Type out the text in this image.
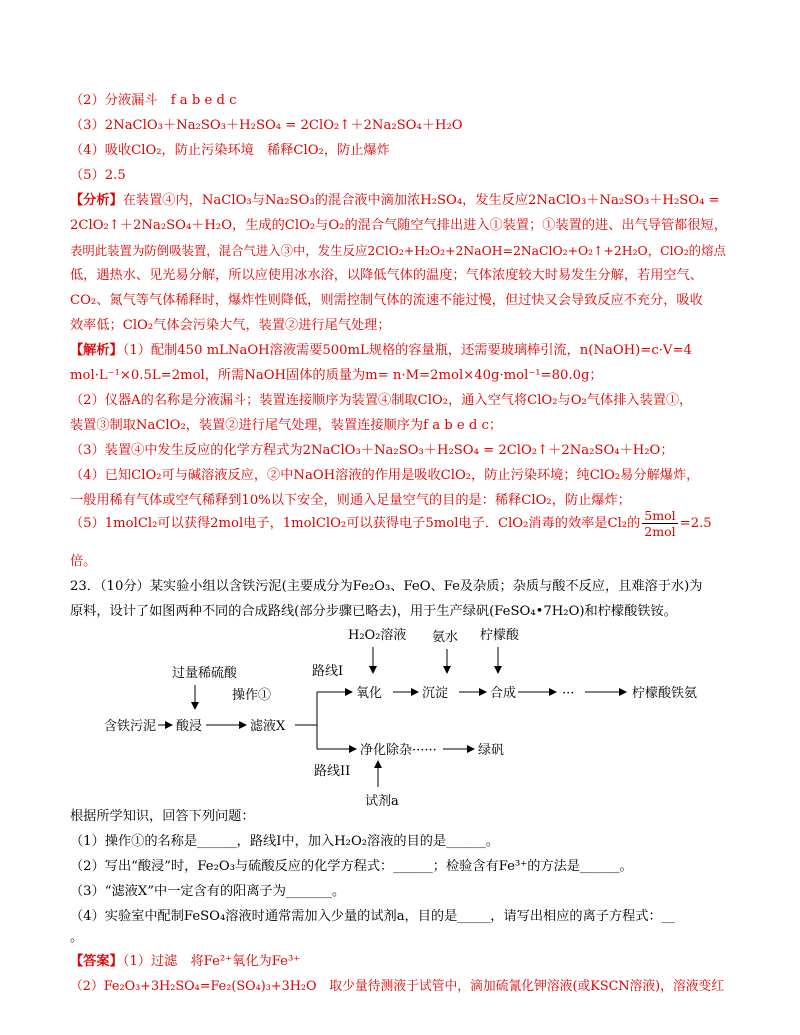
（2）分液漏斗　f a b e d c
（3）2NaClO₃＋Na₂SO₃＋H₂SO₄ = 2ClO₂↑＋2Na₂SO₄＋H₂O
（4）吸收ClO₂，防止污染环境　稀释ClO₂，防止爆炸
（5）2.5
【分析】在装置④内，NaClO₃与Na₂SO₃的混合液中滴加浓H₂SO₄，发生反应2NaClO₃＋Na₂SO₃＋H₂SO₄ =
2ClO₂↑＋2Na₂SO₄＋H₂O，生成的ClO₂与O₂的混合气随空气排出进入①装置；①装置的进、出气导管都很短，
表明此装置为防倒吸装置，混合气进入③中，发生反应2ClO₂+H₂O₂+2NaOH=2NaClO₂+O₂↑+2H₂O，ClO₂的熔点
低，遇热水、见光易分解，所以应使用冰水浴，以降低气体的温度；气体浓度较大时易发生分解，若用空气、
CO₂、氮气等气体稀释时，爆炸性则降低，则需控制气体的流速不能过慢，但过快又会导致反应不充分，吸收
效率低；ClO₂气体会污染大气，装置②进行尾气处理；
【解析】（1）配制450 mLNaOH溶液需要500mL规格的容量瓶，还需要玻璃棒引流，n(NaOH)=c·V=4
mol·L⁻¹×0.5L=2mol，所需NaOH固体的质量为m= n·M=2mol×40g·mol⁻¹=80.0g；
（2）仪器A的名称是分液漏斗；装置连接顺序为装置④制取ClO₂，通入空气将ClO₂与O₂气体排入装置①，
装置③制取NaClO₂，装置②进行尾气处理，装置连接顺序为f a b e d c；
（3）装置④中发生反应的化学方程式为2NaClO₃＋Na₂SO₃＋H₂SO₄ = 2ClO₂↑＋2Na₂SO₄＋H₂O；
（4）已知ClO₂可与碱溶液反应，②中NaOH溶液的作用是吸收ClO₂，防止污染环境；纯ClO₂易分解爆炸，
一般用稀有气体或空气稀释到10%以下安全，则通入足量空气的目的是：稀释ClO₂，防止爆炸；
（5）1molCl₂可以获得2mol电子，1molClO₂可以获得电子5mol电子．ClO₂消毒的效率是Cl₂的 $\frac{\text{5mol}}{\text{2mol}} =2.5$
倍。
23．（10分）某实验小组以含铁污泥(主要成分为Fe₂O₃、FeO、Fe及杂质；杂质与酸不反应，且难溶于水)为
原料，设计了如图两种不同的合成路线(部分步骤已略去)，用于生产绿矾(FeSO₄•7H₂O)和柠檬酸铁铵。
H₂O₂溶液 氨水 柠檬酸
过量稀硫酸	路线I
氧化	沉淀	合成	···	柠檬酸铁氨
操作①
含铁污泥 酸浸	滤液X
净化除杂······	绿矾
路线II
试剂a
根据所学知识，回答下列问题：
（1）操作①的名称是______，路线I中，加入H₂O₂溶液的目的是______。
（2）写出“酸浸”时，Fe₂O₃与硫酸反应的化学方程式：______；检验含有Fe³⁺的方法是______。
（3）“滤液X”中一定含有的阳离子为_______。
（4）实验室中配制FeSO₄溶液时通常需加入少量的试剂a，目的是_____，请写出相应的离子方程式：__
。
【答案】（1）过滤　将Fe²⁺氧化为Fe³⁺
（2）Fe₂O₃+3H₂SO₄=Fe₂(SO₄)₃+3H₂O　取少量待测液于试管中，滴加硫氰化钾溶液(或KSCN溶液)，溶液变红
